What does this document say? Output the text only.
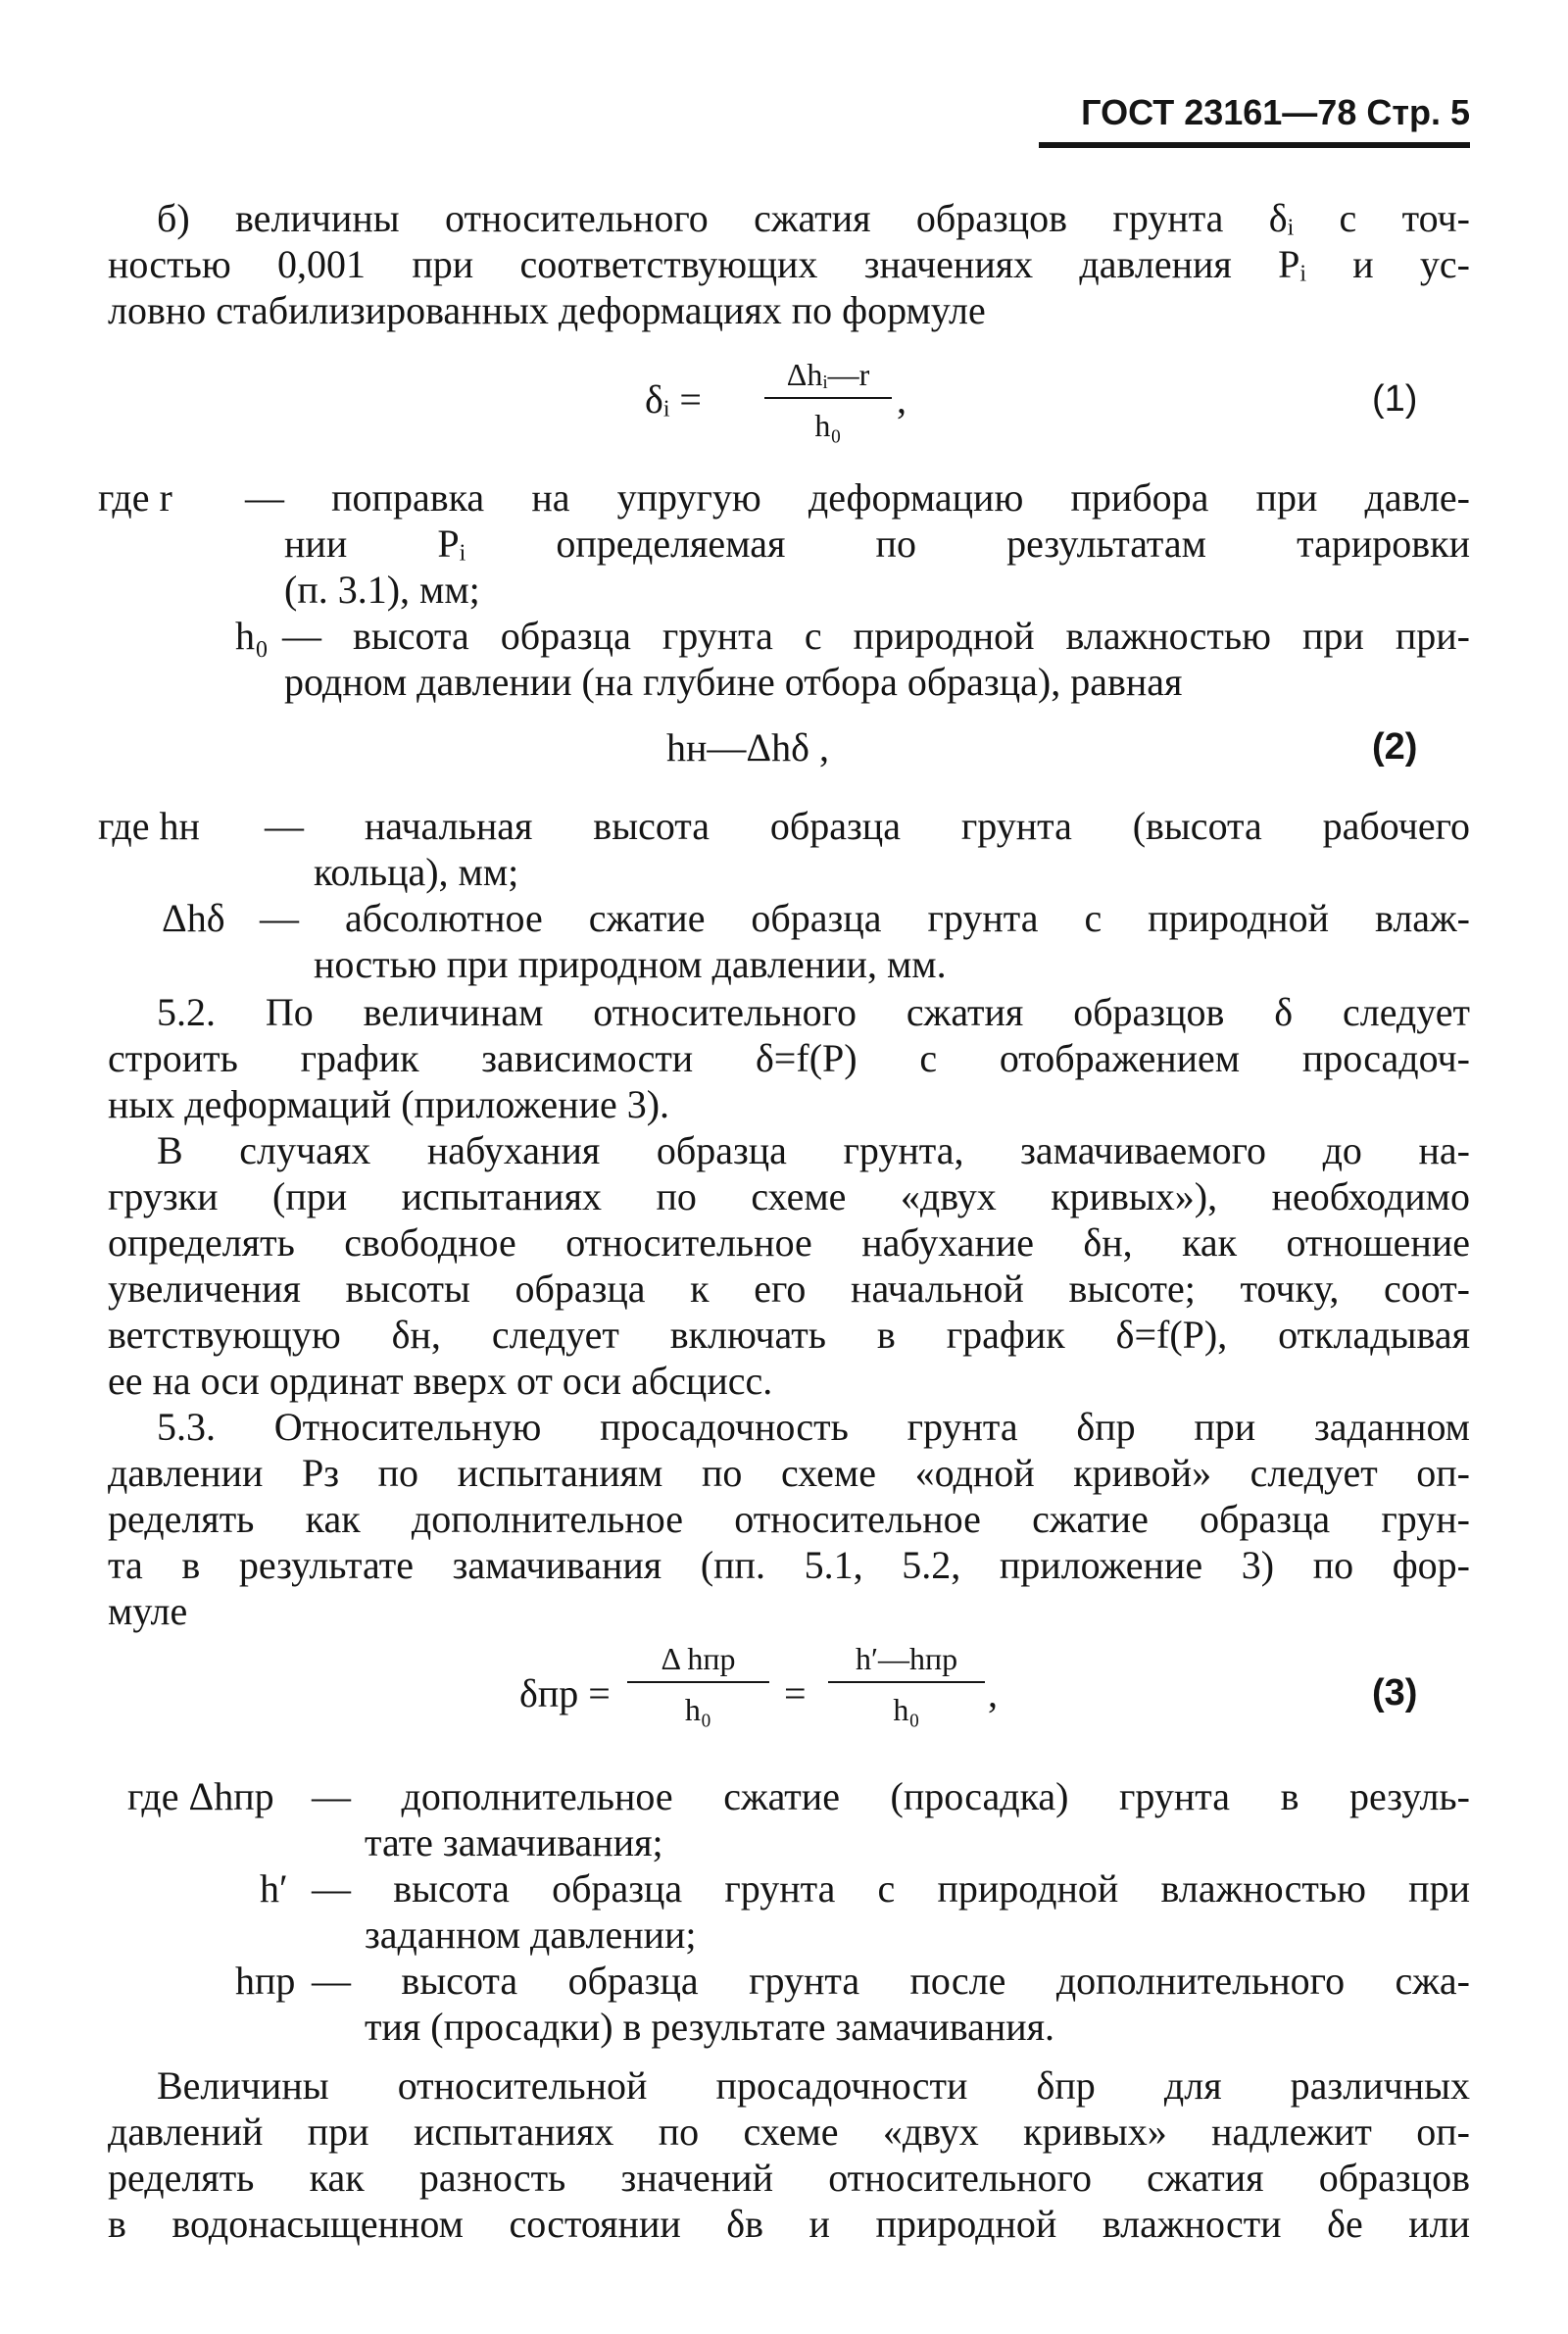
ГОСТ 23161—78 Стр. 5
б) величины относительного сжатия образцов грунта δᵢ с точ-
ностью 0,001 при соответствующих значениях давления Pᵢ и ус-
ловно стабилизированных деформациях по формуле
δᵢ =
Δhᵢ—r
h₀
,	(1)
где r — поправка на упругую деформацию прибора при давле-
нии Pᵢ определяемая по результатам тарировки
(п. 3.1), мм;
h₀ — высота образца грунта с природной влажностью при при-
родном давлении (на глубине отбора образца), равная
hн—Δhδ ,	(2)
где hн — начальная высота образца грунта (высота рабочего
кольца), мм;
Δhδ — абсолютное сжатие образца грунта с природной влаж-
ностью при природном давлении, мм.
5.2. По величинам относительного сжатия образцов δ следует
строить график зависимости δ=f(P) с отображением просадоч-
ных деформаций (приложение 3).
В случаях набухания образца грунта, замачиваемого до на-
грузки (при испытаниях по схеме «двух кривых»), необходимо
определять свободное относительное набухание δн, как отношение
увеличения высоты образца к его начальной высоте; точку, соот-
ветствующую δн, следует включать в график δ=f(P), откладывая
ее на оси ординат вверх от оси абсцисс.
5.3. Относительную просадочность грунта δпр при заданном
давлении Pз по испытаниям по схеме «одной кривой» следует оп-
ределять как дополнительное относительное сжатие образца грун-
та в результате замачивания (пп. 5.1, 5.2, приложение 3) по фор-
муле
δпр =
Δ hпр
h₀	=
h′—hпр
h₀	,	(3)
где Δhпр — дополнительное сжатие (просадка) грунта в резуль-
тате замачивания;
h′ — высота образца грунта с природной влажностью при
заданном давлении;
hпр — высота образца грунта после дополнительного сжа-
тия (просадки) в результате замачивания.
Величины относительной просадочности δпр для различных
давлений при испытаниях по схеме «двух кривых» надлежит оп-
ределять как разность значений относительного сжатия образцов
в водонасыщенном состоянии δв и природной влажности δe или
